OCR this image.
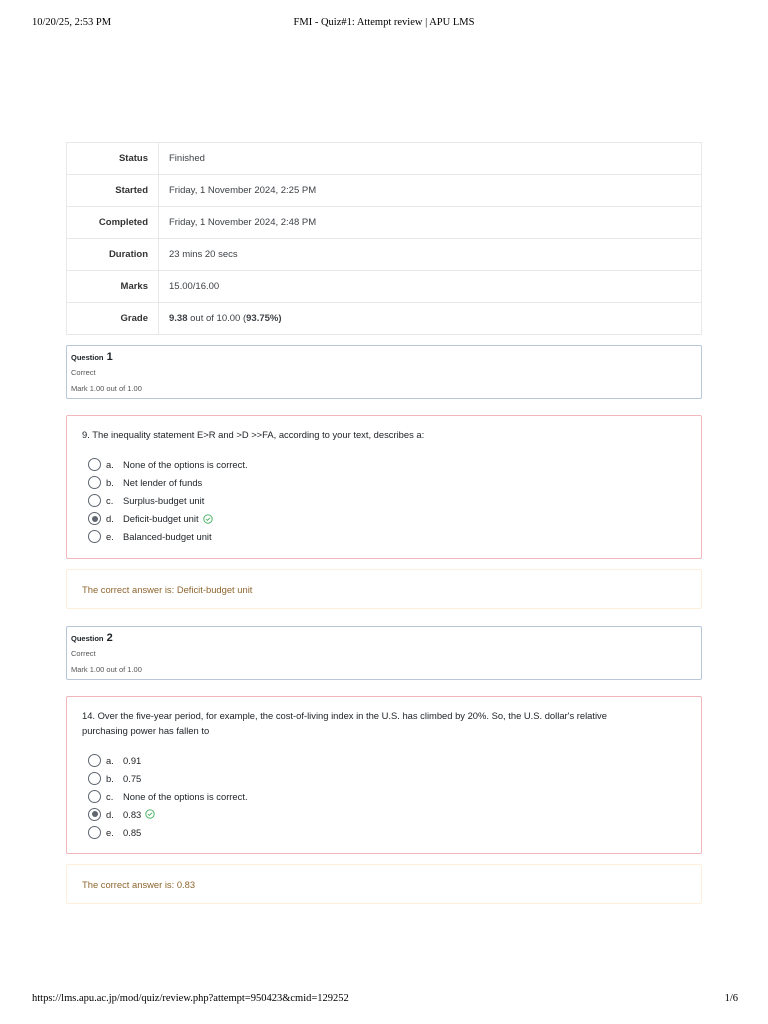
10/20/25, 2:53 PM	FMI - Quiz#1: Attempt review | APU LMS
Status	Finished
Started	Friday, 1 November 2024, 2:25 PM
Completed	Friday, 1 November 2024, 2:48 PM
Duration	23 mins 20 secs
Marks	15.00/16.00
Grade	9.38 out of 10.00 (93.75%)
Question 1
Correct
Mark 1.00 out of 1.00
9. The inequality statement E>R and >D >>FA, according to your text, describes a:
a. None of the options is correct.
b. Net lender of funds
c.	Surplus-budget unit
d. Deficit-budget unit
e. Balanced-budget unit
The correct answer is: Deficit-budget unit
Question 2
Correct
Mark 1.00 out of 1.00
14. Over the five-year period, for example, the cost-of-living index in the U.S. has climbed by 20%. So, the U.S. dollar's relative
purchasing power has fallen to
a. 0.91
b. 0.75
c.	None of the options is correct.
d. 0.83
e. 0.85
The correct answer is: 0.83
https://lms.apu.ac.jp/mod/quiz/review.php?attempt=950423&cmid=129252	1/6
